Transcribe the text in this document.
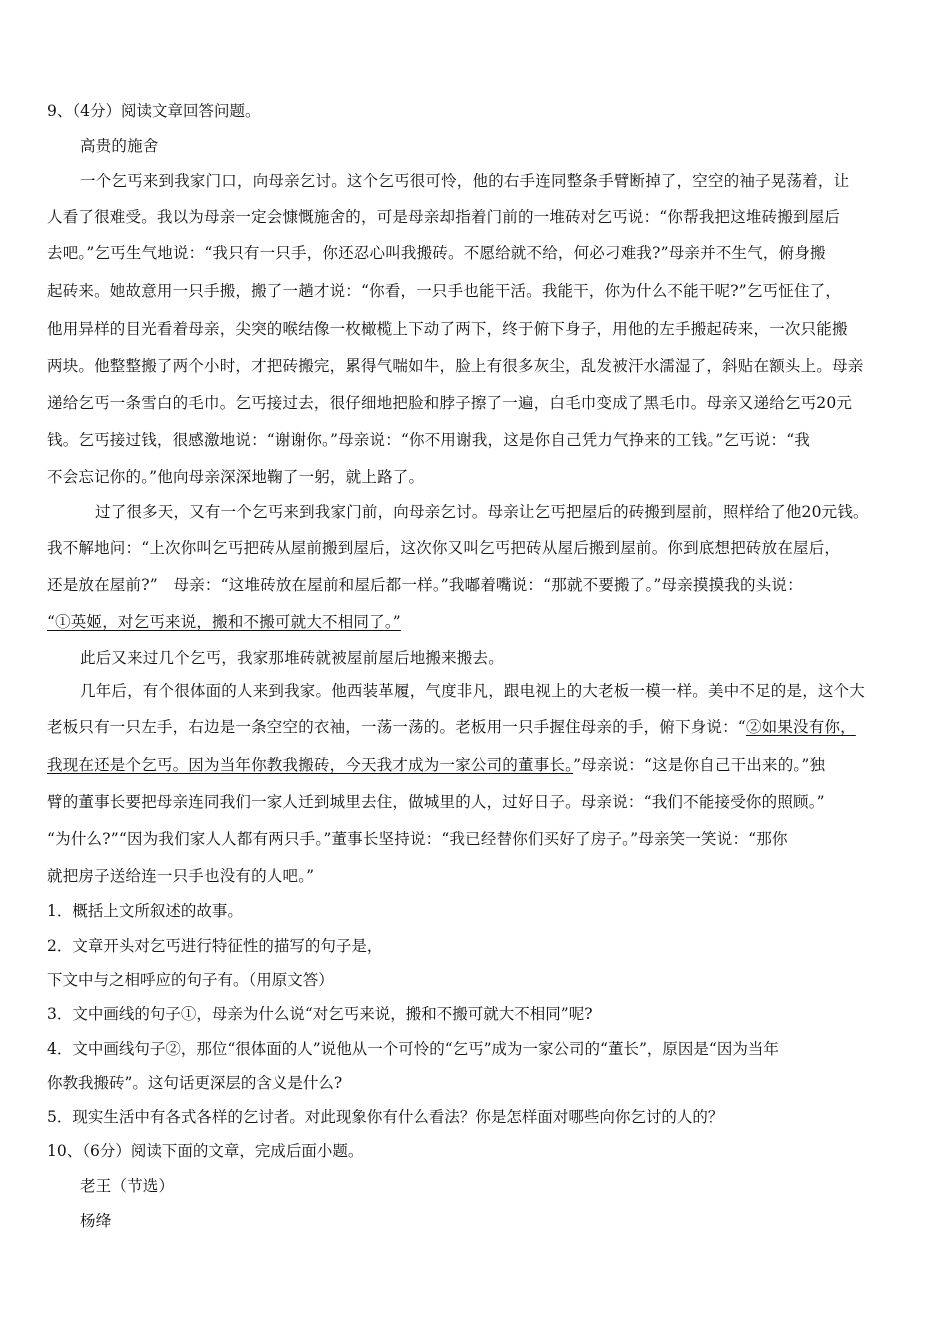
9、（4分）阅读文章回答问题。
高贵的施舍
一个乞丐来到我家门口，向母亲乞讨。这个乞丐很可怜，他的右手连同整条手臂断掉了，空空的袖子晃荡着，让
人看了很难受。我以为母亲一定会慷慨施舍的，可是母亲却指着门前的一堆砖对乞丐说：“你帮我把这堆砖搬到屋后
去吧。”乞丐生气地说：“我只有一只手，你还忍心叫我搬砖。不愿给就不给，何必刁难我?”母亲并不生气，俯身搬
起砖来。她故意用一只手搬，搬了一趟才说：“你看，一只手也能干活。我能干，你为什么不能干呢?”乞丐怔住了，
他用异样的目光看着母亲，尖突的喉结像一枚橄榄上下动了两下，终于俯下身子，用他的左手搬起砖来，一次只能搬
两块。他整整搬了两个小时，才把砖搬完，累得气喘如牛，脸上有很多灰尘，乱发被汗水濡湿了，斜贴在额头上。母亲
递给乞丐一条雪白的毛巾。乞丐接过去，很仔细地把脸和脖子擦了一遍，白毛巾变成了黑毛巾。母亲又递给乞丐20元
钱。乞丐接过钱，很感激地说：“谢谢你。”母亲说：“你不用谢我，这是你自己凭力气挣来的工钱。”乞丐说：“我
不会忘记你的。”他向母亲深深地鞠了一躬，就上路了。
过了很多天，又有一个乞丐来到我家门前，向母亲乞讨。母亲让乞丐把屋后的砖搬到屋前，照样给了他20元钱。
我不解地问：“上次你叫乞丐把砖从屋前搬到屋后，这次你又叫乞丐把砖从屋后搬到屋前。你到底想把砖放在屋后，
还是放在屋前?”　母亲：“这堆砖放在屋前和屋后都一样。”我嘟着嘴说：“那就不要搬了。”母亲摸摸我的头说：
“①英姬，对乞丐来说，搬和不搬可就大不相同了。”
此后又来过几个乞丐，我家那堆砖就被屋前屋后地搬来搬去。
几年后，有个很体面的人来到我家。他西装革履，气度非凡，跟电视上的大老板一模一样。美中不足的是，这个大
老板只有一只左手，右边是一条空空的衣袖，一荡一荡的。老板用一只手握住母亲的手，俯下身说：“②如果没有你，
我现在还是个乞丐。因为当年你教我搬砖，今天我才成为一家公司的董事长。”母亲说：“这是你自己干出来的。”独
臂的董事长要把母亲连同我们一家人迁到城里去住，做城里的人，过好日子。母亲说：“我们不能接受你的照顾。”
“为什么?”“因为我们家人人都有两只手。”董事长坚持说：“我已经替你们买好了房子。”母亲笑一笑说：“那你
就把房子送给连一只手也没有的人吧。”
1．概括上文所叙述的故事。
2．文章开头对乞丐进行特征性的描写的句子是，
下文中与之相呼应的句子有。（用原文答）
3．文中画线的句子①，母亲为什么说“对乞丐来说，搬和不搬可就大不相同”呢?
4．文中画线句子②，那位“很体面的人”说他从一个可怜的“乞丐”成为一家公司的“董长”，原因是“因为当年
你教我搬砖”。这句话更深层的含义是什么?
5．现实生活中有各式各样的乞讨者。对此现象你有什么看法？你是怎样面对哪些向你乞讨的人的？
10、（6分）阅读下面的文章，完成后面小题。
老王（节选）
杨绛
